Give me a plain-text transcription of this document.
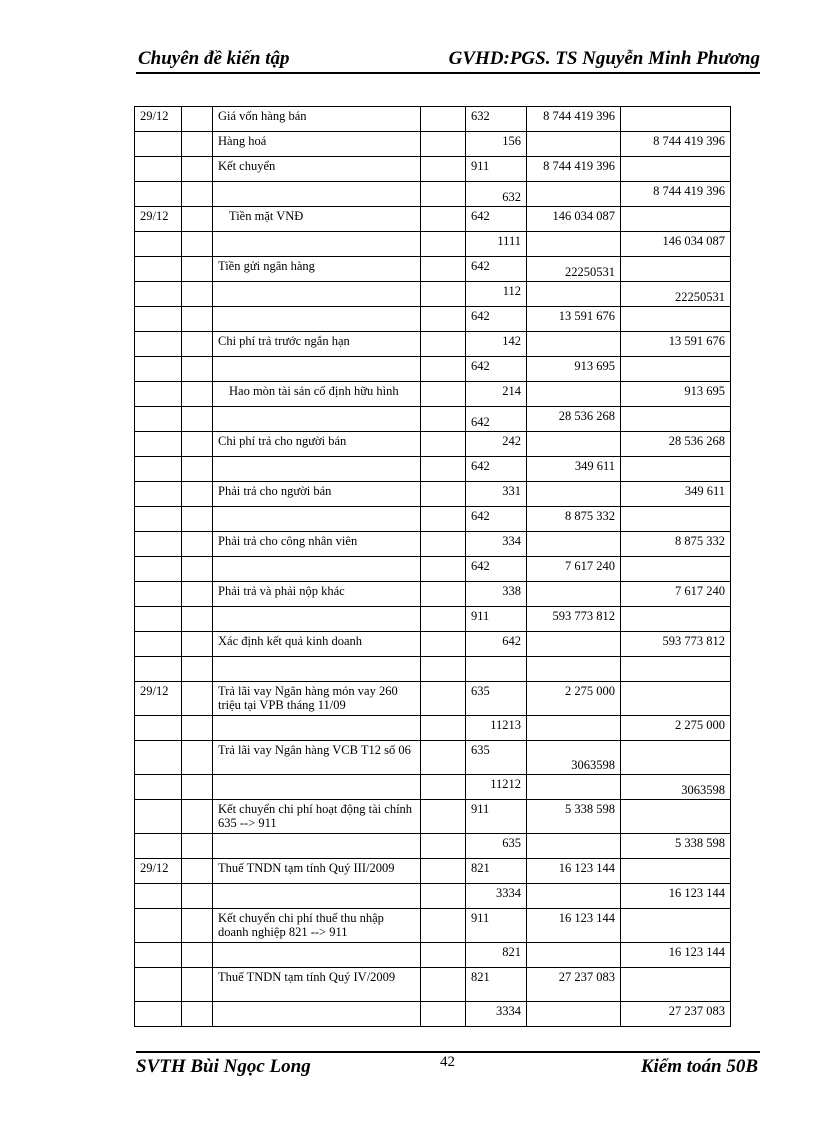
Chuyên đề kiến tập	GVHD:PGS. TS Nguyễn Minh Phương
29/12		Giá vốn hàng bán		632	8 744 419 396	
		Hàng hoá		156		8 744 419 396
		Kết chuyển		911	8 744 419 396	
				632		8 744 419 396
29/12		Tiền mặt VNĐ		642	146 034 087	
				1111		146 034 087
		Tiền gửi ngân hàng		642	22250531	
				112		22250531
				642	13 591 676	
		Chi phí trả trước ngắn hạn		142		13 591 676
				642	913 695	
		Hao mòn tài sản cố định hữu hình		214		913 695
				642	28 536 268	
		Chi phí trả cho người bán		242		28 536 268
				642	349 611	
		Phải trả cho người bán		331		349 611
				642	8 875 332	
		Phải trả cho công nhân viên		334		8 875 332
				642	7 617 240	
		Phải trả và phải nộp khác		338		7 617 240
				911	593 773 812	
		Xác định kết quả kinh doanh		642		593 773 812

29/12		Trả lãi vay Ngân hàng món vay 260 triệu tại VPB tháng 11/09		635	2 275 000	
				11213		2 275 000
		Trả lãi vay Ngân hàng VCB T12 số 06		635	3063598	
				11212		3063598
		Kết chuyển chi phí hoạt động tài chính 635 --> 911		911	5 338 598	
				635		5 338 598
29/12		Thuế TNDN tạm tính Quý III/2009		821	16 123 144	
				3334		16 123 144
		Kết chuyển chi phí thuế thu nhập doanh nghiệp 821 --> 911		911	16 123 144	
				821		16 123 144
		Thuế TNDN tạm tính Quý IV/2009		821	27 237 083	
				3334		27 237 083
SVTH Bùi Ngọc Long	42	Kiểm toán 50B
